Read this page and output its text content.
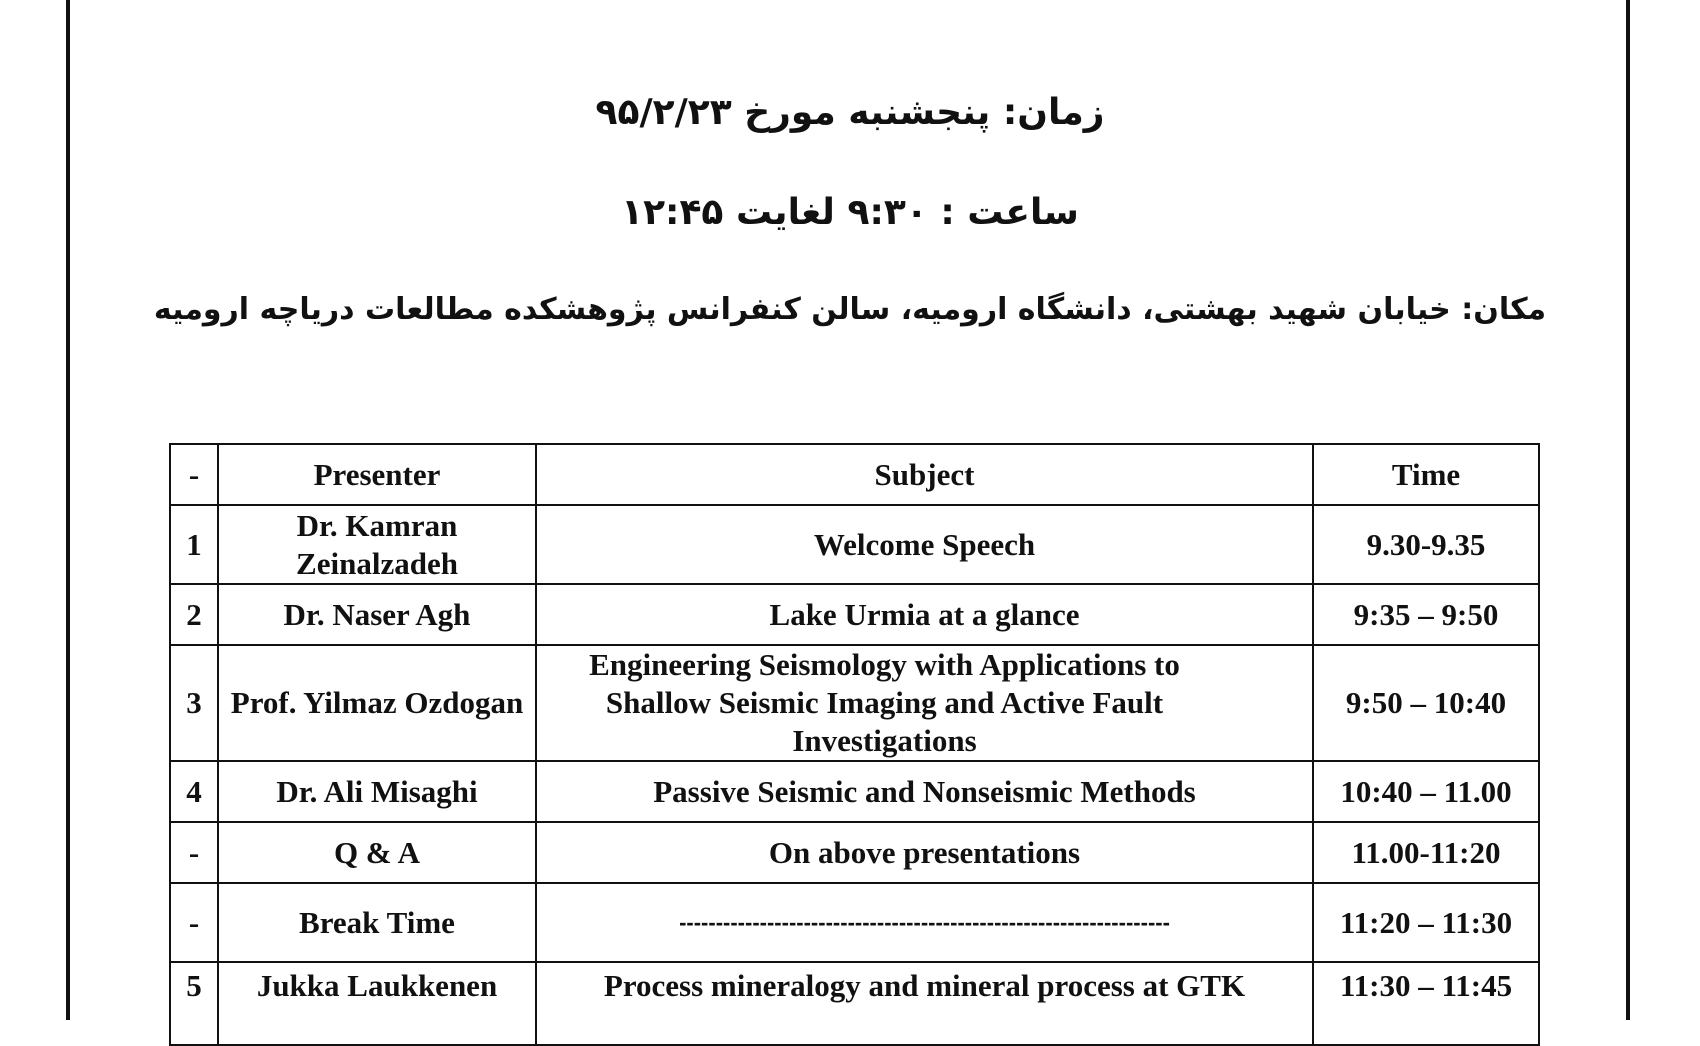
زمان: پنجشنبه مورخ ۹۵/۲/۲۳
ساعت : ۹:۳۰ لغایت ۱۲:۴۵
مکان: خیابان شهید بهشتی، دانشگاه ارومیه، سالن کنفرانس پژوهشکده مطالعات دریاچه ارومیه
-	Presenter	Subject	Time
1	Dr. Kamran Zeinalzadeh	Welcome Speech	9.30-9.35
2	Dr. Naser Agh	Lake Urmia at a glance	9:35 – 9:50
3	Prof. Yilmaz Ozdogan	Engineering Seismology with Applications to Shallow Seismic Imaging and Active Fault Investigations	9:50 – 10:40
4	Dr. Ali Misaghi	Passive Seismic and Nonseismic Methods	10:40 – 11.00
-	Q & A	On above presentations	11.00-11:20
-	Break Time	-------------------------------------------------------------------	11:20 – 11:30
5	Jukka Laukkenen	Process mineralogy and mineral process at GTK	11:30 – 11:45
